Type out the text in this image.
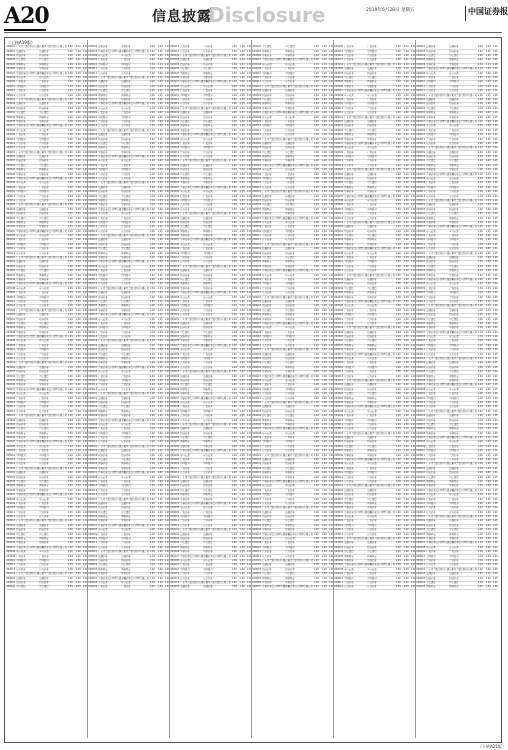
A20	信息披露
Disclosure	2019年6月28日 星期五	中国证券报
（上接A19版）
000001 广东华兴银行股份有限公司
广东华兴银行股份有限公司 1.00	1.00 1.00
000002 海通证券	海通证券	1.00	1.00 1.00
000003 招商证券	招商证券	1.00	1.00 1.00
000004 中信建投	中信建投	1.00	1.00 1.00
000005 国泰君安	国泰君安	1.00	1.00 1.00
000006 华泰证券	华泰证券	1.00	1.00 1.00
000007 中泰证券资产管理有限公司
中泰证券资产管理有限公司 1.00	1.00 1.00
000008 申万宏源	申万宏源	1.00	1.00 1.00
000009 广发证券	广发证券	1.00	1.00 1.00
000010 中国银河	中国银河	1.00	1.00 1.00
000011 兴业证券	兴业证券	1.00	1.00 1.00
000012 东方证券	东方证券	1.00	1.00 1.00
000001 广东华兴银行股份有限公司
广东华兴银行股份有限公司 1.00	1.00 1.00
000002 海通证券	海通证券	1.00	1.00 1.00
000003 招商证券	招商证券	1.00	1.00 1.00
000004 中信建投	中信建投	1.00	1.00 1.00
000005 国泰君安	国泰君安	1.00	1.00 1.00
000006 华泰证券	华泰证券	1.00	1.00 1.00
000007 中泰证券资产管理有限公司
中泰证券资产管理有限公司 1.00	1.00 1.00
000008 申万宏源	申万宏源	1.00	1.00 1.00
000009 广发证券	广发证券	1.00	1.00 1.00
000010 中国银河	中国银河	1.00	1.00 1.00
000011 兴业证券	兴业证券	1.00	1.00 1.00
000012 东方证券	东方证券	1.00	1.00 1.00
000001 广东华兴银行股份有限公司
广东华兴银行股份有限公司 1.00	1.00 1.00
000002 海通证券	海通证券	1.00	1.00 1.00
000003 招商证券	招商证券	1.00	1.00 1.00
000004 中信建投	中信建投	1.00	1.00 1.00
000005 国泰君安	国泰君安	1.00	1.00 1.00
000006 华泰证券	华泰证券	1.00	1.00 1.00
000007 中泰证券资产管理有限公司
中泰证券资产管理有限公司 1.00	1.00 1.00
000008 申万宏源	申万宏源	1.00	1.00 1.00
000009 广发证券	广发证券	1.00	1.00 1.00
000010 中国银河	中国银河	1.00	1.00 1.00
000011 兴业证券	兴业证券	1.00	1.00 1.00
000012 东方证券	东方证券	1.00	1.00 1.00
000001 广东华兴银行股份有限公司
广东华兴银行股份有限公司 1.00	1.00 1.00
000002 海通证券	海通证券	1.00	1.00 1.00
000003 招商证券	招商证券	1.00	1.00 1.00
000004 中信建投	中信建投	1.00	1.00 1.00
000005 国泰君安	国泰君安	1.00	1.00 1.00
000006 华泰证券	华泰证券	1.00	1.00 1.00
000007 中泰证券资产管理有限公司
中泰证券资产管理有限公司 1.00	1.00 1.00
000008 申万宏源	申万宏源	1.00	1.00 1.00
000009 广发证券	广发证券	1.00	1.00 1.00
000010 中国银河	中国银河	1.00	1.00 1.00
000011 兴业证券	兴业证券	1.00	1.00 1.00
000012 东方证券	东方证券	1.00	1.00 1.00
000001 广东华兴银行股份有限公司
广东华兴银行股份有限公司 1.00	1.00 1.00
000002 海通证券	海通证券	1.00	1.00 1.00
000003 招商证券	招商证券	1.00	1.00 1.00
000004 中信建投	中信建投	1.00	1.00 1.00
000005 国泰君安	国泰君安	1.00	1.00 1.00
000006 华泰证券	华泰证券	1.00	1.00 1.00
000007 中泰证券资产管理有限公司
中泰证券资产管理有限公司 1.00	1.00 1.00
000008 申万宏源	申万宏源	1.00	1.00 1.00
000009 广发证券	广发证券	1.00	1.00 1.00
000010 中国银河	中国银河	1.00	1.00 1.00
000011 兴业证券	兴业证券	1.00	1.00 1.00
000012 东方证券	东方证券	1.00	1.00 1.00
000001 广东华兴银行股份有限公司
广东华兴银行股份有限公司 1.00	1.00 1.00
000002 海通证券	海通证券	1.00	1.00 1.00
000003 招商证券	招商证券	1.00	1.00 1.00
000004 中信建投	中信建投	1.00	1.00 1.00
000005 国泰君安	国泰君安	1.00	1.00 1.00
000006 华泰证券	华泰证券	1.00	1.00 1.00
000007 中泰证券资产管理有限公司
中泰证券资产管理有限公司 1.00	1.00 1.00
000008 申万宏源	申万宏源	1.00	1.00 1.00
000009 广发证券	广发证券	1.00	1.00 1.00
000010 中国银河	中国银河	1.00	1.00 1.00
000011 兴业证券	兴业证券	1.00	1.00 1.00
000012 东方证券	东方证券	1.00	1.00 1.00
000001 广东华兴银行股份有限公司
广东华兴银行股份有限公司 1.00	1.00 1.00
000002 海通证券	海通证券	1.00	1.00 1.00
000003 招商证券	招商证券	1.00	1.00 1.00
000004 中信建投	中信建投	1.00	1.00 1.00
000005 国泰君安	国泰君安	1.00	1.00 1.00
000006 华泰证券	华泰证券	1.00	1.00 1.00
000007 中泰证券资产管理有限公司
中泰证券资产管理有限公司 1.00	1.00 1.00
000008 申万宏源	申万宏源	1.00	1.00 1.00
000009 广发证券	广发证券	1.00	1.00 1.00
000010 中国银河	中国银河	1.00	1.00 1.00
000011 兴业证券	兴业证券	1.00	1.00 1.00
000012 东方证券	东方证券	1.00	1.00 1.00
000001 广东华兴银行股份有限公司
广东华兴银行股份有限公司 1.00	1.00 1.00
000002 海通证券	海通证券	1.00	1.00 1.00
000003 招商证券	招商证券	1.00	1.00 1.00
000004 中信建投	中信建投	1.00	1.00 1.00
000005 国泰君安	国泰君安	1.00	1.00 1.00
000006 华泰证券	华泰证券	1.00	1.00 1.00
000007 中泰证券资产管理有限公司
中泰证券资产管理有限公司 1.00	1.00 1.00
000008 申万宏源	申万宏源	1.00	1.00 1.00
000009 广发证券	广发证券	1.00	1.00 1.00
000010 中国银河	中国银河	1.00	1.00 1.00
000011 兴业证券	兴业证券	1.00	1.00 1.00
000012 东方证券	东方证券	1.00	1.00 1.00
000001 广东华兴银行股份有限公司
广东华兴银行股份有限公司 1.00	1.00 1.00
000002 海通证券	海通证券	1.00	1.00 1.00
000003 招商证券	招商证券	1.00	1.00 1.00
000004 中信建投	中信建投	1.00	1.00 1.00
000005 国泰君安	国泰君安	1.00	1.00 1.00
000006 华泰证券	华泰证券	1.00	1.00 1.00
000007 中泰证券资产管理有限公司
中泰证券资产管理有限公司 1.00	1.00 1.00
000008 申万宏源	申万宏源	1.00	1.00 1.00
000009 广发证券	广发证券	1.00	1.00 1.00
000010 中国银河	中国银河	1.00	1.00 1.00
000011 兴业证券	兴业证券	1.00	1.00 1.00
000012 东方证券	东方证券	1.00	1.00 1.00
000001 广东华兴银行股份有限公司
广东华兴银行股份有限公司 1.00	1.00 1.00
000002 海通证券	海通证券	1.00	1.00 1.00
000003 招商证券	招商证券	1.00	1.00 1.00
000004 中信建投	中信建投	1.00	1.00 1.00
000005 国泰君安	国泰君安	1.00	1.00 1.00
000006 华泰证券	华泰证券	1.00	1.00 1.00
000007 中泰证券资产管理有限公司
中泰证券资产管理有限公司 1.00	1.00 1.00
000008 申万宏源	申万宏源	1.00	1.00 1.00
000009 广发证券	广发证券	1.00	1.00 1.00
000010 中国银河	中国银河	1.00	1.00 1.00
000011 兴业证券	兴业证券	1.00	1.00 1.00
000012 东方证券	东方证券	1.00	1.00 1.00
000001 广东华兴银行股份有限公司
广东华兴银行股份有限公司 1.00	1.00 1.00
000002 海通证券	海通证券	1.00	1.00 1.00
000003 招商证券	招商证券	1.00	1.00 1.00
000004 中信建投	中信建投	1.00	1.00 1.00
000006 华泰证券	华泰证券	1.00	1.00 1.00
000007 中泰证券资产管理有限公司
中泰证券资产管理有限公司 1.00	1.00 1.00
000008 申万宏源	申万宏源	1.00	1.00 1.00
000009 广发证券	广发证券	1.00	1.00 1.00
000010 中国银河	中国银河	1.00	1.00 1.00
000011 兴业证券	兴业证券	1.00	1.00 1.00
000012 东方证券	东方证券	1.00	1.00 1.00
000001 广东华兴银行股份有限公司
广东华兴银行股份有限公司 1.00	1.00 1.00
000002 海通证券	海通证券	1.00	1.00 1.00
000003 招商证券	招商证券	1.00	1.00 1.00
000004 中信建投	中信建投	1.00	1.00 1.00
000005 国泰君安	国泰君安	1.00	1.00 1.00
000006 华泰证券	华泰证券	1.00	1.00 1.00
000007 中泰证券资产管理有限公司
中泰证券资产管理有限公司 1.00	1.00 1.00
000008 申万宏源	申万宏源	1.00	1.00 1.00
000009 广发证券	广发证券	1.00	1.00 1.00
000010 中国银河	中国银河	1.00	1.00 1.00
000011 兴业证券	兴业证券	1.00	1.00 1.00
000012 东方证券	东方证券	1.00	1.00 1.00
000001 广东华兴银行股份有限公司
广东华兴银行股份有限公司 1.00	1.00 1.00
000002 海通证券	海通证券	1.00	1.00 1.00
000003 招商证券	招商证券	1.00	1.00 1.00
000004 中信建投	中信建投	1.00	1.00 1.00
000005 国泰君安	国泰君安	1.00	1.00 1.00
000006 华泰证券	华泰证券	1.00	1.00 1.00
000007 中泰证券资产管理有限公司
中泰证券资产管理有限公司 1.00	1.00 1.00
000008 申万宏源	申万宏源	1.00	1.00 1.00
000009 广发证券	广发证券	1.00	1.00 1.00
000010 中国银河	中国银河	1.00	1.00 1.00
000011 兴业证券	兴业证券	1.00	1.00 1.00
000012 东方证券	东方证券	1.00	1.00 1.00
000001 广东华兴银行股份有限公司
广东华兴银行股份有限公司 1.00	1.00 1.00
000002 海通证券	海通证券	1.00	1.00 1.00
000003 招商证券	招商证券	1.00	1.00 1.00
000004 中信建投	中信建投	1.00	1.00 1.00
000005 国泰君安	国泰君安	1.00	1.00 1.00
000006 华泰证券	华泰证券	1.00	1.00 1.00
000007 中泰证券资产管理有限公司
中泰证券资产管理有限公司 1.00	1.00 1.00
000008 申万宏源	申万宏源	1.00	1.00 1.00
000009 广发证券	广发证券	1.00	1.00 1.00
000010 中国银河	中国银河	1.00	1.00 1.00
000011 兴业证券	兴业证券	1.00	1.00 1.00
000012 东方证券	东方证券	1.00	1.00 1.00
000001 广东华兴银行股份有限公司
广东华兴银行股份有限公司 1.00	1.00 1.00
000002 海通证券	海通证券	1.00	1.00 1.00
000003 招商证券	招商证券	1.00	1.00 1.00
000004 中信建投	中信建投	1.00	1.00 1.00
000005 国泰君安	国泰君安	1.00	1.00 1.00
000006 华泰证券	华泰证券	1.00	1.00 1.00
000007 中泰证券资产管理有限公司
中泰证券资产管理有限公司 1.00	1.00 1.00
000008 申万宏源	申万宏源	1.00	1.00 1.00
000009 广发证券	广发证券	1.00	1.00 1.00
000010 中国银河	中国银河	1.00	1.00 1.00
000011 兴业证券	兴业证券	1.00	1.00 1.00
000012 东方证券	东方证券	1.00	1.00 1.00
000001 广东华兴银行股份有限公司
广东华兴银行股份有限公司 1.00	1.00 1.00
000002 海通证券	海通证券	1.00	1.00 1.00
000003 招商证券	招商证券	1.00	1.00 1.00
000004 中信建投	中信建投	1.00	1.00 1.00
000005 国泰君安	国泰君安	1.00	1.00 1.00
000006 华泰证券	华泰证券	1.00	1.00 1.00
000007 中泰证券资产管理有限公司
中泰证券资产管理有限公司 1.00	1.00 1.00
000008 申万宏源	申万宏源	1.00	1.00 1.00
000009 广发证券	广发证券	1.00	1.00 1.00
000010 中国银河	中国银河	1.00	1.00 1.00
000011 兴业证券	兴业证券	1.00	1.00 1.00
000012 东方证券	东方证券	1.00	1.00 1.00
000001 广东华兴银行股份有限公司
广东华兴银行股份有限公司 1.00	1.00 1.00
000002 海通证券	海通证券	1.00	1.00 1.00
000003 招商证券	招商证券	1.00	1.00 1.00
000004 中信建投	中信建投	1.00	1.00 1.00
000005 国泰君安	国泰君安	1.00	1.00 1.00
000006 华泰证券	华泰证券	1.00	1.00 1.00
000007 中泰证券资产管理有限公司
中泰证券资产管理有限公司 1.00	1.00 1.00
000008 申万宏源	申万宏源	1.00	1.00 1.00
000009 广发证券	广发证券	1.00	1.00 1.00
000010 中国银河	中国银河	1.00	1.00 1.00
000011 兴业证券	兴业证券	1.00	1.00 1.00
000012 东方证券	东方证券	1.00	1.00 1.00
000001 广东华兴银行股份有限公司
广东华兴银行股份有限公司 1.00	1.00 1.00
000002 海通证券	海通证券	1.00	1.00 1.00
000003 招商证券	招商证券	1.00	1.00 1.00
000004 中信建投	中信建投	1.00	1.00 1.00
000005 国泰君安	国泰君安	1.00	1.00 1.00
000006 华泰证券	华泰证券	1.00	1.00 1.00
000007 中泰证券资产管理有限公司
中泰证券资产管理有限公司 1.00	1.00 1.00
000008 申万宏源	申万宏源	1.00	1.00 1.00
000009 广发证券	广发证券	1.00	1.00 1.00
000010 中国银河	中国银河	1.00	1.00 1.00
000011 兴业证券	兴业证券	1.00	1.00 1.00
000012 东方证券	东方证券	1.00	1.00 1.00
000001 广东华兴银行股份有限公司
广东华兴银行股份有限公司 1.00	1.00 1.00
000002 海通证券	海通证券	1.00	1.00 1.00
000003 招商证券	招商证券	1.00	1.00 1.00
000004 中信建投	中信建投	1.00	1.00 1.00
000005 国泰君安	国泰君安	1.00	1.00 1.00
000006 华泰证券	华泰证券	1.00	1.00 1.00
000007 中泰证券资产管理有限公司
中泰证券资产管理有限公司 1.00	1.00 1.00
000008 申万宏源	申万宏源	1.00	1.00 1.00
000009 广发证券	广发证券	1.00	1.00 1.00
000010 中国银河	中国银河	1.00	1.00 1.00
000011 兴业证券	兴业证券	1.00	1.00 1.00
000012 东方证券	东方证券	1.00	1.00 1.00
000001 广东华兴银行股份有限公司
广东华兴银行股份有限公司 1.00	1.00 1.00
000002 海通证券	海通证券	1.00	1.00 1.00
000003 招商证券	招商证券	1.00	1.00 1.00
000004 中信建投	中信建投	1.00	1.00 1.00
000005 国泰君安	国泰君安	1.00	1.00 1.00
000006 华泰证券	华泰证券	1.00	1.00 1.00
000007 中泰证券资产管理有限公司
中泰证券资产管理有限公司 1.00	1.00 1.00
000008 申万宏源	申万宏源	1.00	1.00 1.00
000009 广发证券	广发证券	1.00	1.00 1.00
000010 中国银河	中国银河	1.00	1.00 1.00
000011 兴业证券	兴业证券	1.00	1.00 1.00
000012 东方证券	东方证券	1.00	1.00 1.00
000001 广东华兴银行股份有限公司
广东华兴银行股份有限公司 1.00	1.00 1.00
000002 海通证券	海通证券	1.00	1.00 1.00
000003 招商证券	招商证券	1.00	1.00 1.00
000004 中信建投	中信建投	1.00	1.00 1.00
000005 国泰君安	国泰君安	1.00	1.00 1.00
000006 华泰证券	华泰证券	1.00	1.00 1.00
000007 中泰证券资产管理有限公司
中泰证券资产管理有限公司 1.00	1.00 1.00
000008 申万宏源	申万宏源	1.00	1.00 1.00
000009 广发证券	广发证券	1.00	1.00 1.00
000011 兴业证券	兴业证券	1.00	1.00 1.00
000012 东方证券	东方证券	1.00	1.00 1.00
000001 广东华兴银行股份有限公司
广东华兴银行股份有限公司 1.00	1.00 1.00
000002 海通证券	海通证券	1.00	1.00 1.00
000003 招商证券	招商证券	1.00	1.00 1.00
000004 中信建投	中信建投	1.00	1.00 1.00
000005 国泰君安	国泰君安	1.00	1.00 1.00
000006 华泰证券	华泰证券	1.00	1.00 1.00
000007 中泰证券资产管理有限公司
中泰证券资产管理有限公司 1.00	1.00 1.00
000008 申万宏源	申万宏源	1.00	1.00 1.00
000009 广发证券	广发证券	1.00	1.00 1.00
000010 中国银河	中国银河	1.00	1.00 1.00
000011 兴业证券	兴业证券	1.00	1.00 1.00
000012 东方证券	东方证券	1.00	1.00 1.00
000001 广东华兴银行股份有限公司
广东华兴银行股份有限公司 1.00	1.00 1.00
000002 海通证券	海通证券	1.00	1.00 1.00
000003 招商证券	招商证券	1.00	1.00 1.00
000004 中信建投	中信建投	1.00	1.00 1.00
000005 国泰君安	国泰君安	1.00	1.00 1.00
000006 华泰证券	华泰证券	1.00	1.00 1.00
000007 中泰证券资产管理有限公司
中泰证券资产管理有限公司 1.00	1.00 1.00
000008 申万宏源	申万宏源	1.00	1.00 1.00
000009 广发证券	广发证券	1.00	1.00 1.00
000010 中国银河	中国银河	1.00	1.00 1.00
000011 兴业证券	兴业证券	1.00	1.00 1.00
000012 东方证券	东方证券	1.00	1.00 1.00
000001 广东华兴银行股份有限公司
广东华兴银行股份有限公司 1.00	1.00 1.00
000002 海通证券	海通证券	1.00	1.00 1.00
000003 招商证券	招商证券	1.00	1.00 1.00
000004 中信建投	中信建投	1.00	1.00 1.00
000005 国泰君安	国泰君安	1.00	1.00 1.00
000006 华泰证券	华泰证券	1.00	1.00 1.00
000007 中泰证券资产管理有限公司
中泰证券资产管理有限公司 1.00	1.00 1.00
000008 申万宏源	申万宏源	1.00	1.00 1.00
000009 广发证券	广发证券	1.00	1.00 1.00
000010 中国银河	中国银河	1.00	1.00 1.00
000011 兴业证券	兴业证券	1.00	1.00 1.00
000012 东方证券	东方证券	1.00	1.00 1.00
000001 广东华兴银行股份有限公司
广东华兴银行股份有限公司 1.00	1.00 1.00
000002 海通证券	海通证券	1.00	1.00 1.00
000003 招商证券	招商证券	1.00	1.00 1.00
000004 中信建投	中信建投	1.00	1.00 1.00
000005 国泰君安	国泰君安	1.00	1.00 1.00
000006 华泰证券	华泰证券	1.00	1.00 1.00
000007 中泰证券资产管理有限公司
中泰证券资产管理有限公司 1.00	1.00 1.00
000008 申万宏源	申万宏源	1.00	1.00 1.00
000009 广发证券	广发证券	1.00	1.00 1.00
000010 中国银河	中国银河	1.00	1.00 1.00
000011 兴业证券	兴业证券	1.00	1.00 1.00
000012 东方证券	东方证券	1.00	1.00 1.00
000001 广东华兴银行股份有限公司
广东华兴银行股份有限公司 1.00	1.00 1.00
000002 海通证券	海通证券	1.00	1.00 1.00
000003 招商证券	招商证券	1.00	1.00 1.00
000004 中信建投	中信建投	1.00	1.00 1.00
000005 国泰君安	国泰君安	1.00	1.00 1.00
000006 华泰证券	华泰证券	1.00	1.00 1.00
000007 中泰证券资产管理有限公司
中泰证券资产管理有限公司 1.00	1.00 1.00
000008 申万宏源	申万宏源	1.00	1.00 1.00
000009 广发证券	广发证券	1.00	1.00 1.00
000010 中国银河	中国银河	1.00	1.00 1.00
000011 兴业证券	兴业证券	1.00	1.00 1.00
000012 东方证券	东方证券	1.00	1.00 1.00
000001 广东华兴银行股份有限公司
广东华兴银行股份有限公司 1.00	1.00 1.00
000002 海通证券	海通证券	1.00	1.00 1.00
000003 招商证券	招商证券	1.00	1.00 1.00
000004 中信建投	中信建投	1.00	1.00 1.00
000005 国泰君安	国泰君安	1.00	1.00 1.00
000006 华泰证券	华泰证券	1.00	1.00 1.00
000007 中泰证券资产管理有限公司
中泰证券资产管理有限公司 1.00	1.00 1.00
000008 申万宏源	申万宏源	1.00	1.00 1.00
000009 广发证券	广发证券	1.00	1.00 1.00
000010 中国银河	中国银河	1.00	1.00 1.00
000011 兴业证券	兴业证券	1.00	1.00 1.00
000012 东方证券	东方证券	1.00	1.00 1.00
000001 广东华兴银行股份有限公司
广东华兴银行股份有限公司 1.00	1.00 1.00
000002 海通证券	海通证券	1.00	1.00 1.00
000003 招商证券	招商证券	1.00	1.00 1.00
000004 中信建投	中信建投	1.00	1.00 1.00
000005 国泰君安	国泰君安	1.00	1.00 1.00
000006 华泰证券	华泰证券	1.00	1.00 1.00
000007 中泰证券资产管理有限公司
中泰证券资产管理有限公司 1.00	1.00 1.00
000008 申万宏源	申万宏源	1.00	1.00 1.00
000009 广发证券	广发证券	1.00	1.00 1.00
000010 中国银河	中国银河	1.00	1.00 1.00
000011 兴业证券	兴业证券	1.00	1.00 1.00
000012 东方证券	东方证券	1.00	1.00 1.00
000001 广东华兴银行股份有限公司
广东华兴银行股份有限公司 1.00	1.00 1.00
000002 海通证券	海通证券	1.00	1.00 1.00
000003 招商证券	招商证券	1.00	1.00 1.00
000004 中信建投	中信建投	1.00	1.00 1.00
000005 国泰君安	国泰君安	1.00	1.00 1.00
000006 华泰证券	华泰证券	1.00	1.00 1.00
000007 中泰证券资产管理有限公司
中泰证券资产管理有限公司 1.00	1.00 1.00
000008 申万宏源	申万宏源	1.00	1.00 1.00
000009 广发证券	广发证券	1.00	1.00 1.00
000010 中国银河	中国银河	1.00	1.00 1.00
000011 兴业证券	兴业证券	1.00	1.00 1.00
000012 东方证券	东方证券	1.00	1.00 1.00
000001 广东华兴银行股份有限公司
广东华兴银行股份有限公司 1.00	1.00 1.00
000002 海通证券	海通证券	1.00	1.00 1.00
000003 招商证券	招商证券	1.00	1.00 1.00
000004 中信建投	中信建投	1.00	1.00 1.00
000005 国泰君安	国泰君安	1.00	1.00 1.00
000006 华泰证券	华泰证券	1.00	1.00 1.00
000007 中泰证券资产管理有限公司
中泰证券资产管理有限公司 1.00	1.00 1.00
000008 申万宏源	申万宏源	1.00	1.00 1.00
000009 广发证券	广发证券	1.00	1.00 1.00
000010 中国银河	中国银河	1.00	1.00 1.00
000011 兴业证券	兴业证券	1.00	1.00 1.00
000012 东方证券	东方证券	1.00	1.00 1.00
000001 广东华兴银行股份有限公司
广东华兴银行股份有限公司 1.00	1.00 1.00
000002 海通证券	海通证券	1.00	1.00 1.00
000003 招商证券	招商证券	1.00	1.00 1.00
000004 中信建投	中信建投	1.00	1.00 1.00
000005 国泰君安	国泰君安	1.00	1.00 1.00
000006 华泰证券	华泰证券	1.00	1.00 1.00
000007 中泰证券资产管理有限公司
中泰证券资产管理有限公司 1.00	1.00 1.00
000008 申万宏源	申万宏源	1.00	1.00 1.00
000009 广发证券	广发证券	1.00	1.00 1.00
000010 中国银河	中国银河	1.00	1.00 1.00
000011 兴业证券	兴业证券	1.00	1.00 1.00
000012 东方证券	东方证券	1.00	1.00 1.00
000001 广东华兴银行股份有限公司
广东华兴银行股份有限公司 1.00	1.00 1.00
000002 海通证券	海通证券	1.00	1.00 1.00
000004 中信建投	中信建投	1.00	1.00 1.00
000005 国泰君安	国泰君安	1.00	1.00 1.00
000006 华泰证券	华泰证券	1.00	1.00 1.00
000007 中泰证券资产管理有限公司
中泰证券资产管理有限公司 1.00	1.00 1.00
000008 申万宏源	申万宏源	1.00	1.00 1.00
000009 广发证券	广发证券	1.00	1.00 1.00
000010 中国银河	中国银河	1.00	1.00 1.00
000011 兴业证券	兴业证券	1.00	1.00 1.00
000012 东方证券	东方证券	1.00	1.00 1.00
000001 广东华兴银行股份有限公司
广东华兴银行股份有限公司 1.00	1.00 1.00
000002 海通证券	海通证券	1.00	1.00 1.00
000003 招商证券	招商证券	1.00	1.00 1.00
000004 中信建投	中信建投	1.00	1.00 1.00
000005 国泰君安	国泰君安	1.00	1.00 1.00
000006 华泰证券	华泰证券	1.00	1.00 1.00
000007 中泰证券资产管理有限公司
中泰证券资产管理有限公司 1.00	1.00 1.00
000008 申万宏源	申万宏源	1.00	1.00 1.00
000009 广发证券	广发证券	1.00	1.00 1.00
000010 中国银河	中国银河	1.00	1.00 1.00
000011 兴业证券	兴业证券	1.00	1.00 1.00
000012 东方证券	东方证券	1.00	1.00 1.00
000001 广东华兴银行股份有限公司
广东华兴银行股份有限公司 1.00	1.00 1.00
000002 海通证券	海通证券	1.00	1.00 1.00
000003 招商证券	招商证券	1.00	1.00 1.00
000004 中信建投	中信建投	1.00	1.00 1.00
000005 国泰君安	国泰君安	1.00	1.00 1.00
000006 华泰证券	华泰证券	1.00	1.00 1.00
000007 中泰证券资产管理有限公司
中泰证券资产管理有限公司 1.00	1.00 1.00
000008 申万宏源	申万宏源	1.00	1.00 1.00
000009 广发证券	广发证券	1.00	1.00 1.00
000010 中国银河	中国银河	1.00	1.00 1.00
000011 兴业证券	兴业证券	1.00	1.00 1.00
000012 东方证券	东方证券	1.00	1.00 1.00
000001 广东华兴银行股份有限公司
广东华兴银行股份有限公司 1.00	1.00 1.00
000002 海通证券	海通证券	1.00	1.00 1.00
000003 招商证券	招商证券	1.00	1.00 1.00
000004 中信建投	中信建投	1.00	1.00 1.00
000005 国泰君安	国泰君安	1.00	1.00 1.00
000006 华泰证券	华泰证券	1.00	1.00 1.00
000007 中泰证券资产管理有限公司
中泰证券资产管理有限公司 1.00	1.00 1.00
000008 申万宏源	申万宏源	1.00	1.00 1.00
000009 广发证券	广发证券	1.00	1.00 1.00
000010 中国银河	中国银河	1.00	1.00 1.00
000011 兴业证券	兴业证券	1.00	1.00 1.00
000012 东方证券	东方证券	1.00	1.00 1.00
000001 广东华兴银行股份有限公司
广东华兴银行股份有限公司 1.00	1.00 1.00
000002 海通证券	海通证券	1.00	1.00 1.00
000003 招商证券	招商证券	1.00	1.00 1.00
000004 中信建投	中信建投	1.00	1.00 1.00
000005 国泰君安	国泰君安	1.00	1.00 1.00
000006 华泰证券	华泰证券	1.00	1.00 1.00
000007 中泰证券资产管理有限公司
中泰证券资产管理有限公司 1.00	1.00 1.00
000008 申万宏源	申万宏源	1.00	1.00 1.00
000009 广发证券	广发证券	1.00	1.00 1.00
000010 中国银河	中国银河	1.00	1.00 1.00
000011 兴业证券	兴业证券	1.00	1.00 1.00
000012 东方证券	东方证券	1.00	1.00 1.00
000001 广东华兴银行股份有限公司
广东华兴银行股份有限公司 1.00	1.00 1.00
000002 海通证券	海通证券	1.00	1.00 1.00
000003 招商证券	招商证券	1.00	1.00 1.00
000004 中信建投	中信建投	1.00	1.00 1.00
000005 国泰君安	国泰君安	1.00	1.00 1.00
000006 华泰证券	华泰证券	1.00	1.00 1.00
000007 中泰证券资产管理有限公司
中泰证券资产管理有限公司 1.00	1.00 1.00
000008 申万宏源	申万宏源	1.00	1.00 1.00
000009 广发证券	广发证券	1.00	1.00 1.00
000010 中国银河	中国银河	1.00	1.00 1.00
000011 兴业证券	兴业证券	1.00	1.00 1.00
000012 东方证券	东方证券	1.00	1.00 1.00
000001 广东华兴银行股份有限公司
广东华兴银行股份有限公司 1.00	1.00 1.00
000002 海通证券	海通证券	1.00	1.00 1.00
000003 招商证券	招商证券	1.00	1.00 1.00
000004 中信建投	中信建投	1.00	1.00 1.00
000005 国泰君安	国泰君安	1.00	1.00 1.00
000006 华泰证券	华泰证券	1.00	1.00 1.00
000007 中泰证券资产管理有限公司
中泰证券资产管理有限公司 1.00	1.00 1.00
000008 申万宏源	申万宏源	1.00	1.00 1.00
000009 广发证券	广发证券	1.00	1.00 1.00
000010 中国银河	中国银河	1.00	1.00 1.00
000011 兴业证券	兴业证券	1.00	1.00 1.00
000012 东方证券	东方证券	1.00	1.00 1.00
000001 广东华兴银行股份有限公司
广东华兴银行股份有限公司 1.00	1.00 1.00
000002 海通证券	海通证券	1.00	1.00 1.00
000003 招商证券	招商证券	1.00	1.00 1.00
000004 中信建投	中信建投	1.00	1.00 1.00
000005 国泰君安	国泰君安	1.00	1.00 1.00
000006 华泰证券	华泰证券	1.00	1.00 1.00
000007 中泰证券资产管理有限公司
中泰证券资产管理有限公司 1.00	1.00 1.00
000008 申万宏源	申万宏源	1.00	1.00 1.00
000009 广发证券	广发证券	1.00	1.00 1.00
000010 中国银河	中国银河	1.00	1.00 1.00
000011 兴业证券	兴业证券	1.00	1.00 1.00
000012 东方证券	东方证券	1.00	1.00 1.00
000001 广东华兴银行股份有限公司
广东华兴银行股份有限公司 1.00	1.00 1.00
000002 海通证券	海通证券	1.00	1.00 1.00
000003 招商证券	招商证券	1.00	1.00 1.00
000004 中信建投	中信建投	1.00	1.00 1.00
000005 国泰君安	国泰君安	1.00	1.00 1.00
000006 华泰证券	华泰证券	1.00	1.00 1.00
000007 中泰证券资产管理有限公司
中泰证券资产管理有限公司 1.00	1.00 1.00
000008 申万宏源	申万宏源	1.00	1.00 1.00
000009 广发证券	广发证券	1.00	1.00 1.00
000010 中国银河	中国银河	1.00	1.00 1.00
000011 兴业证券	兴业证券	1.00	1.00 1.00
000012 东方证券	东方证券	1.00	1.00 1.00
000001 广东华兴银行股份有限公司
广东华兴银行股份有限公司 1.00	1.00 1.00
000002 海通证券	海通证券	1.00	1.00 1.00
000003 招商证券	招商证券	1.00	1.00 1.00
000004 中信建投	中信建投	1.00	1.00 1.00
000005 国泰君安	国泰君安	1.00	1.00 1.00
000006 华泰证券	华泰证券	1.00	1.00 1.00
000007 中泰证券资产管理有限公司
中泰证券资产管理有限公司 1.00	1.00 1.00
000008 申万宏源	申万宏源	1.00	1.00 1.00
000009 广发证券	广发证券	1.00	1.00 1.00
000010 中国银河	中国银河	1.00	1.00 1.00
000011 兴业证券	兴业证券	1.00	1.00 1.00
000012 东方证券	东方证券	1.00	1.00 1.00
000001 广东华兴银行股份有限公司
广东华兴银行股份有限公司 1.00	1.00 1.00
000002 海通证券	海通证券	1.00	1.00 1.00
000003 招商证券	招商证券	1.00	1.00 1.00
000004 中信建投	中信建投	1.00	1.00 1.00
000005 国泰君安	国泰君安	1.00	1.00 1.00
000006 华泰证券	华泰证券	1.00	1.00 1.00
000007 中泰证券资产管理有限公司
中泰证券资产管理有限公司 1.00	1.00 1.00
000009 广发证券	广发证券	1.00	1.00 1.00
000010 中国银河	中国银河	1.00	1.00 1.00
000011 兴业证券	兴业证券	1.00	1.00 1.00
000012 东方证券	东方证券	1.00	1.00 1.00
000001 广东华兴银行股份有限公司
广东华兴银行股份有限公司 1.00	1.00 1.00
000002 海通证券	海通证券	1.00	1.00 1.00
000003 招商证券	招商证券	1.00	1.00 1.00
000004 中信建投	中信建投	1.00	1.00 1.00
000005 国泰君安	国泰君安	1.00	1.00 1.00
000006 华泰证券	华泰证券	1.00	1.00 1.00
000007 中泰证券资产管理有限公司
中泰证券资产管理有限公司 1.00	1.00 1.00
000008 申万宏源	申万宏源	1.00	1.00 1.00
000009 广发证券	广发证券	1.00	1.00 1.00
000010 中国银河	中国银河	1.00	1.00 1.00
000011 兴业证券	兴业证券	1.00	1.00 1.00
000012 东方证券	东方证券	1.00	1.00 1.00
000001 广东华兴银行股份有限公司
广东华兴银行股份有限公司 1.00	1.00 1.00
000002 海通证券	海通证券	1.00	1.00 1.00
000003 招商证券	招商证券	1.00	1.00 1.00
000004 中信建投	中信建投	1.00	1.00 1.00
000005 国泰君安	国泰君安	1.00	1.00 1.00
000006 华泰证券	华泰证券	1.00	1.00 1.00
000007 中泰证券资产管理有限公司
中泰证券资产管理有限公司 1.00	1.00 1.00
000008 申万宏源	申万宏源	1.00	1.00 1.00
000009 广发证券	广发证券	1.00	1.00 1.00
000010 中国银河	中国银河	1.00	1.00 1.00
000011 兴业证券	兴业证券	1.00	1.00 1.00
000012 东方证券	东方证券	1.00	1.00 1.00
000001 广东华兴银行股份有限公司
广东华兴银行股份有限公司 1.00	1.00 1.00
000002 海通证券	海通证券	1.00	1.00 1.00
000003 招商证券	招商证券	1.00	1.00 1.00
000004 中信建投	中信建投	1.00	1.00 1.00
000005 国泰君安	国泰君安	1.00	1.00 1.00
000006 华泰证券	华泰证券	1.00	1.00 1.00
000007 中泰证券资产管理有限公司
中泰证券资产管理有限公司 1.00	1.00 1.00
000008 申万宏源	申万宏源	1.00	1.00 1.00
000009 广发证券	广发证券	1.00	1.00 1.00
000010 中国银河	中国银河	1.00	1.00 1.00
000011 兴业证券	兴业证券	1.00	1.00 1.00
000012 东方证券	东方证券	1.00	1.00 1.00
000001 广东华兴银行股份有限公司
广东华兴银行股份有限公司 1.00	1.00 1.00
000002 海通证券	海通证券	1.00	1.00 1.00
000003 招商证券	招商证券	1.00	1.00 1.00
000004 中信建投	中信建投	1.00	1.00 1.00
000005 国泰君安	国泰君安	1.00	1.00 1.00
000006 华泰证券	华泰证券	1.00	1.00 1.00
000007 中泰证券资产管理有限公司
中泰证券资产管理有限公司 1.00	1.00 1.00
000008 申万宏源	申万宏源	1.00	1.00 1.00
000009 广发证券	广发证券	1.00	1.00 1.00
000010 中国银河	中国银河	1.00	1.00 1.00
000011 兴业证券	兴业证券	1.00	1.00 1.00
000012 东方证券	东方证券	1.00	1.00 1.00
000001 广东华兴银行股份有限公司
广东华兴银行股份有限公司 1.00	1.00 1.00
000002 海通证券	海通证券	1.00	1.00 1.00
000003 招商证券	招商证券	1.00	1.00 1.00
000004 中信建投	中信建投	1.00	1.00 1.00
000005 国泰君安	国泰君安	1.00	1.00 1.00
000006 华泰证券	华泰证券	1.00	1.00 1.00
000007 中泰证券资产管理有限公司
中泰证券资产管理有限公司 1.00	1.00 1.00
000008 申万宏源	申万宏源	1.00	1.00 1.00
000009 广发证券	广发证券	1.00	1.00 1.00
000010 中国银河	中国银河	1.00	1.00 1.00
000011 兴业证券	兴业证券	1.00	1.00 1.00
000012 东方证券	东方证券	1.00	1.00 1.00
000001 广东华兴银行股份有限公司
广东华兴银行股份有限公司 1.00	1.00 1.00
000002 海通证券	海通证券	1.00	1.00 1.00
000003 招商证券	招商证券	1.00	1.00 1.00
000004 中信建投	中信建投	1.00	1.00 1.00
000005 国泰君安	国泰君安	1.00	1.00 1.00
000006 华泰证券	华泰证券	1.00	1.00 1.00
000007 中泰证券资产管理有限公司
中泰证券资产管理有限公司 1.00	1.00 1.00
000008 申万宏源	申万宏源	1.00	1.00 1.00
000009 广发证券	广发证券	1.00	1.00 1.00
000010 中国银河	中国银河	1.00	1.00 1.00
000011 兴业证券	兴业证券	1.00	1.00 1.00
000012 东方证券	东方证券	1.00	1.00 1.00
000001 广东华兴银行股份有限公司
广东华兴银行股份有限公司 1.00	1.00 1.00
000002 海通证券	海通证券	1.00	1.00 1.00
000003 招商证券	招商证券	1.00	1.00 1.00
000004 中信建投	中信建投	1.00	1.00 1.00
000005 国泰君安	国泰君安	1.00	1.00 1.00
000006 华泰证券	华泰证券	1.00	1.00 1.00
000007 中泰证券资产管理有限公司
中泰证券资产管理有限公司 1.00	1.00 1.00
000008 申万宏源	申万宏源	1.00	1.00 1.00
000009 广发证券	广发证券	1.00	1.00 1.00
000010 中国银河	中国银河	1.00	1.00 1.00
000011 兴业证券	兴业证券	1.00	1.00 1.00
000012 东方证券	东方证券	1.00	1.00 1.00
000001 广东华兴银行股份有限公司
广东华兴银行股份有限公司 1.00	1.00 1.00
000002 海通证券	海通证券	1.00	1.00 1.00
000003 招商证券	招商证券	1.00	1.00 1.00
000004 中信建投	中信建投	1.00	1.00 1.00
000005 国泰君安	国泰君安	1.00	1.00 1.00
000006 华泰证券	华泰证券	1.00	1.00 1.00
000007 中泰证券资产管理有限公司
中泰证券资产管理有限公司 1.00	1.00 1.00
000008 申万宏源	申万宏源	1.00	1.00 1.00
000009 广发证券	广发证券	1.00	1.00 1.00
000010 中国银河	中国银河	1.00	1.00 1.00
000011 兴业证券	兴业证券	1.00	1.00 1.00
000012 东方证券	东方证券	1.00	1.00 1.00
000001 广东华兴银行股份有限公司
广东华兴银行股份有限公司 1.00	1.00 1.00
000002 海通证券	海通证券	1.00	1.00 1.00
000003 招商证券	招商证券	1.00	1.00 1.00
000004 中信建投	中信建投	1.00	1.00 1.00
000005 国泰君安	国泰君安	1.00	1.00 1.00
000006 华泰证券	华泰证券	1.00	1.00 1.00
000007 中泰证券资产管理有限公司
中泰证券资产管理有限公司 1.00	1.00 1.00
000008 申万宏源	申万宏源	1.00	1.00 1.00
000009 广发证券	广发证券	1.00	1.00 1.00
000010 中国银河	中国银河	1.00	1.00 1.00
000011 兴业证券	兴业证券	1.00	1.00 1.00
000012 东方证券	东方证券	1.00	1.00 1.00
000001 广东华兴银行股份有限公司
广东华兴银行股份有限公司 1.00	1.00 1.00
000002 海通证券	海通证券	1.00	1.00 1.00
000003 招商证券	招商证券	1.00	1.00 1.00
000004 中信建投	中信建投	1.00	1.00 1.00
000005 国泰君安	国泰君安	1.00	1.00 1.00
000006 华泰证券	华泰证券	1.00	1.00 1.00
000007 中泰证券资产管理有限公司
中泰证券资产管理有限公司 1.00	1.00 1.00
000008 申万宏源	申万宏源	1.00	1.00 1.00
000009 广发证券	广发证券	1.00	1.00 1.00
000010 中国银河	中国银河	1.00	1.00 1.00
000011 兴业证券	兴业证券	1.00	1.00 1.00
000012 东方证券	东方证券	1.00	1.00 1.00
000002 海通证券	海通证券	1.00	1.00 1.00
000003 招商证券	招商证券	1.00	1.00 1.00
000004 中信建投	中信建投	1.00	1.00 1.00
000005 国泰君安	国泰君安	1.00	1.00 1.00
000006 华泰证券	华泰证券	1.00	1.00 1.00
000007 中泰证券资产管理有限公司
中泰证券资产管理有限公司 1.00	1.00 1.00
000008 申万宏源	申万宏源	1.00	1.00 1.00
000009 广发证券	广发证券	1.00	1.00 1.00
000010 中国银河	中国银河	1.00	1.00 1.00
000011 兴业证券	兴业证券	1.00	1.00 1.00
000012 东方证券	东方证券	1.00	1.00 1.00
000001 广东华兴银行股份有限公司
广东华兴银行股份有限公司 1.00	1.00 1.00
000002 海通证券	海通证券	1.00	1.00 1.00
000003 招商证券	招商证券	1.00	1.00 1.00
000004 中信建投	中信建投	1.00	1.00 1.00
000005 国泰君安	国泰君安	1.00	1.00 1.00
000006 华泰证券	华泰证券	1.00	1.00 1.00
000007 中泰证券资产管理有限公司
中泰证券资产管理有限公司 1.00	1.00 1.00
000008 申万宏源	申万宏源	1.00	1.00 1.00
000009 广发证券	广发证券	1.00	1.00 1.00
000010 中国银河	中国银河	1.00	1.00 1.00
000011 兴业证券	兴业证券	1.00	1.00 1.00
000012 东方证券	东方证券	1.00	1.00 1.00
000001 广东华兴银行股份有限公司
广东华兴银行股份有限公司 1.00	1.00 1.00
000002 海通证券	海通证券	1.00	1.00 1.00
000003 招商证券	招商证券	1.00	1.00 1.00
000004 中信建投	中信建投	1.00	1.00 1.00
000005 国泰君安	国泰君安	1.00	1.00 1.00
000006 华泰证券	华泰证券	1.00	1.00 1.00
000007 中泰证券资产管理有限公司
中泰证券资产管理有限公司 1.00	1.00 1.00
000008 申万宏源	申万宏源	1.00	1.00 1.00
000009 广发证券	广发证券	1.00	1.00 1.00
000010 中国银河	中国银河	1.00	1.00 1.00
000011 兴业证券	兴业证券	1.00	1.00 1.00
000012 东方证券	东方证券	1.00	1.00 1.00
000001 广东华兴银行股份有限公司
广东华兴银行股份有限公司 1.00	1.00 1.00
000002 海通证券	海通证券	1.00	1.00 1.00
000003 招商证券	招商证券	1.00	1.00 1.00
000004 中信建投	中信建投	1.00	1.00 1.00
000005 国泰君安	国泰君安	1.00	1.00 1.00
000006 华泰证券	华泰证券	1.00	1.00 1.00
000007 中泰证券资产管理有限公司
中泰证券资产管理有限公司 1.00	1.00 1.00
000008 申万宏源	申万宏源	1.00	1.00 1.00
000009 广发证券	广发证券	1.00	1.00 1.00
000010 中国银河	中国银河	1.00	1.00 1.00
000011 兴业证券	兴业证券	1.00	1.00 1.00
000012 东方证券	东方证券	1.00	1.00 1.00
000001 广东华兴银行股份有限公司
广东华兴银行股份有限公司 1.00	1.00 1.00
000002 海通证券	海通证券	1.00	1.00 1.00
000003 招商证券	招商证券	1.00	1.00 1.00
000004 中信建投	中信建投	1.00	1.00 1.00
000005 国泰君安	国泰君安	1.00	1.00 1.00
000006 华泰证券	华泰证券	1.00	1.00 1.00
000007 中泰证券资产管理有限公司
中泰证券资产管理有限公司 1.00	1.00 1.00
000008 申万宏源	申万宏源	1.00	1.00 1.00
000009 广发证券	广发证券	1.00	1.00 1.00
000010 中国银河	中国银河	1.00	1.00 1.00
000011 兴业证券	兴业证券	1.00	1.00 1.00
000012 东方证券	东方证券	1.00	1.00 1.00
000001 广东华兴银行股份有限公司
广东华兴银行股份有限公司 1.00	1.00 1.00
000002 海通证券	海通证券	1.00	1.00 1.00
000003 招商证券	招商证券	1.00	1.00 1.00
000004 中信建投	中信建投	1.00	1.00 1.00
000005 国泰君安	国泰君安	1.00	1.00 1.00
000006 华泰证券	华泰证券	1.00	1.00 1.00
000007 中泰证券资产管理有限公司
中泰证券资产管理有限公司 1.00	1.00 1.00
000008 申万宏源	申万宏源	1.00	1.00 1.00
000009 广发证券	广发证券	1.00	1.00 1.00
000010 中国银河	中国银河	1.00	1.00 1.00
000011 兴业证券	兴业证券	1.00	1.00 1.00
000012 东方证券	东方证券	1.00	1.00 1.00
000001 广东华兴银行股份有限公司
广东华兴银行股份有限公司 1.00	1.00 1.00
000002 海通证券	海通证券	1.00	1.00 1.00
000003 招商证券	招商证券	1.00	1.00 1.00
000004 中信建投	中信建投	1.00	1.00 1.00
000005 国泰君安	国泰君安	1.00	1.00 1.00
000006 华泰证券	华泰证券	1.00	1.00 1.00
000007 中泰证券资产管理有限公司
中泰证券资产管理有限公司 1.00	1.00 1.00
000008 申万宏源	申万宏源	1.00	1.00 1.00
000009 广发证券	广发证券	1.00	1.00 1.00
000010 中国银河	中国银河	1.00	1.00 1.00
000011 兴业证券	兴业证券	1.00	1.00 1.00
000012 东方证券	东方证券	1.00	1.00 1.00
000001 广东华兴银行股份有限公司
广东华兴银行股份有限公司 1.00	1.00 1.00
000002 海通证券	海通证券	1.00	1.00 1.00
000003 招商证券	招商证券	1.00	1.00 1.00
000004 中信建投	中信建投	1.00	1.00 1.00
000005 国泰君安	国泰君安	1.00	1.00 1.00
000006 华泰证券	华泰证券	1.00	1.00 1.00
000007 中泰证券资产管理有限公司
中泰证券资产管理有限公司 1.00	1.00 1.00
000008 申万宏源	申万宏源	1.00	1.00 1.00
000009 广发证券	广发证券	1.00	1.00 1.00
000010 中国银河	中国银河	1.00	1.00 1.00
000011 兴业证券	兴业证券	1.00	1.00 1.00
000012 东方证券	东方证券	1.00	1.00 1.00
000001 广东华兴银行股份有限公司
广东华兴银行股份有限公司 1.00	1.00 1.00
000002 海通证券	海通证券	1.00	1.00 1.00
000003 招商证券	招商证券	1.00	1.00 1.00
000004 中信建投	中信建投	1.00	1.00 1.00
000005 国泰君安	国泰君安	1.00	1.00 1.00
000006 华泰证券	华泰证券	1.00	1.00 1.00
000007 中泰证券资产管理有限公司
中泰证券资产管理有限公司 1.00	1.00 1.00
000008 申万宏源	申万宏源	1.00	1.00 1.00
000009 广发证券	广发证券	1.00	1.00 1.00
000010 中国银河	中国银河	1.00	1.00 1.00
000011 兴业证券	兴业证券	1.00	1.00 1.00
000012 东方证券	东方证券	1.00	1.00 1.00
000001 广东华兴银行股份有限公司
广东华兴银行股份有限公司 1.00	1.00 1.00
000002 海通证券	海通证券	1.00	1.00 1.00
000003 招商证券	招商证券	1.00	1.00 1.00
000004 中信建投	中信建投	1.00	1.00 1.00
000005 国泰君安	国泰君安	1.00	1.00 1.00
000006 华泰证券	华泰证券	1.00	1.00 1.00
000007 中泰证券资产管理有限公司
中泰证券资产管理有限公司 1.00	1.00 1.00
000008 申万宏源	申万宏源	1.00	1.00 1.00
000009 广发证券	广发证券	1.00	1.00 1.00
000010 中国银河	中国银河	1.00	1.00 1.00
000011 兴业证券	兴业证券	1.00	1.00 1.00
000012 东方证券	东方证券	1.00	1.00 1.00
000001 广东华兴银行股份有限公司
广东华兴银行股份有限公司 1.00	1.00 1.00
000002 海通证券	海通证券	1.00	1.00 1.00
000003 招商证券	招商证券	1.00	1.00 1.00
000004 中信建投	中信建投	1.00	1.00 1.00
000005 国泰君安	国泰君安	1.00	1.00 1.00
（下转A21版）
